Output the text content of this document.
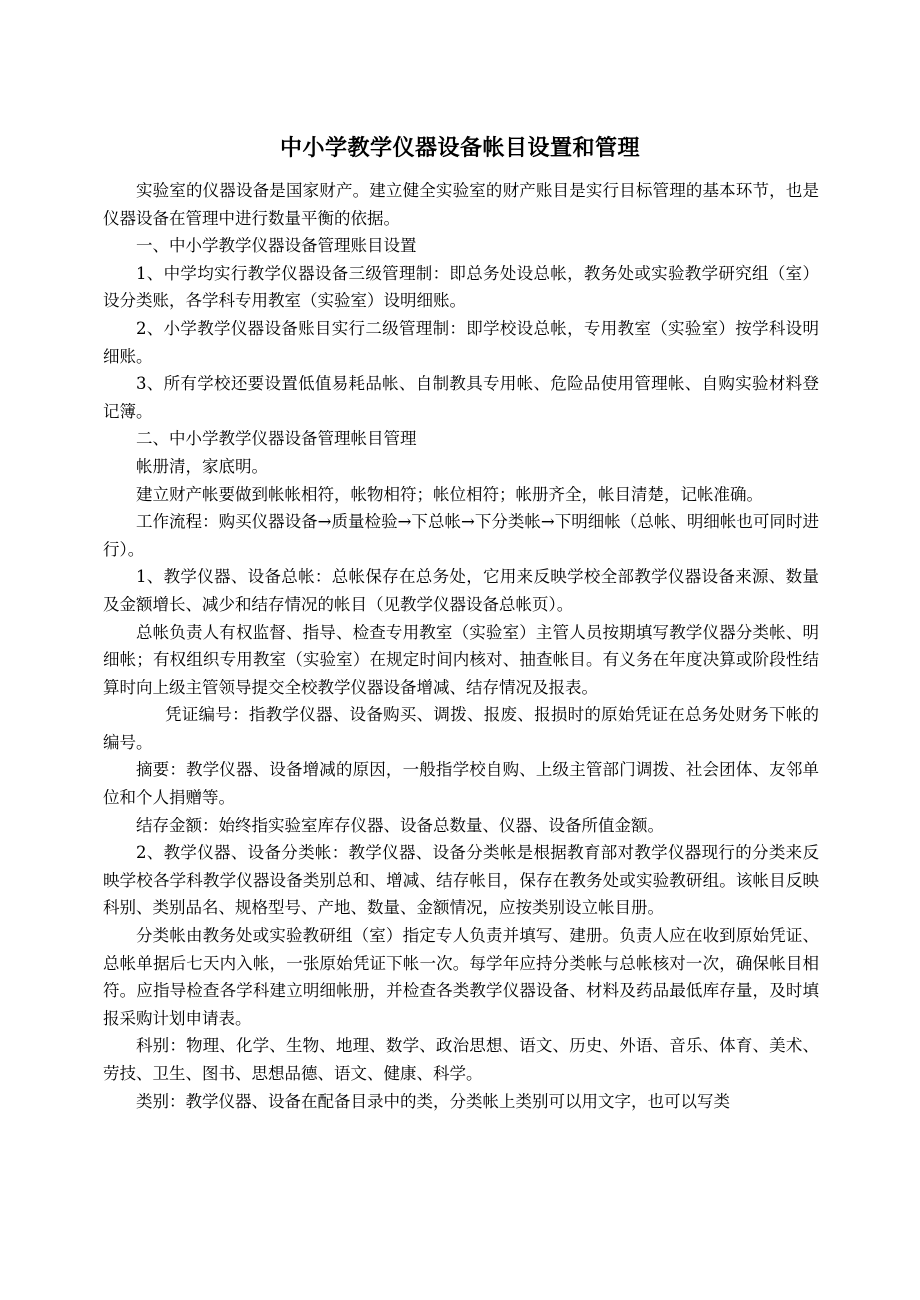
中小学教学仪器设备帐目设置和管理

实验室的仪器设备是国家财产。建立健全实验室的财产账目是实行目标管理的基本环节，也是仪器设备在管理中进行数量平衡的依据。

一、中小学教学仪器设备管理账目设置

1、中学均实行教学仪器设备三级管理制：即总务处设总帐，教务处或实验教学研究组（室）设分类账，各学科专用教室（实验室）设明细账。

2、小学教学仪器设备账目实行二级管理制：即学校设总帐，专用教室（实验室）按学科设明细账。

3、所有学校还要设置低值易耗品帐、自制教具专用帐、危险品使用管理帐、自购实验材料登记簿。

二、中小学教学仪器设备管理帐目管理

帐册清，家底明。

建立财产帐要做到帐帐相符，帐物相符；帐位相符；帐册齐全，帐目清楚，记帐准确。

工作流程：购买仪器设备→质量检验→下总帐→下分类帐→下明细帐（总帐、明细帐也可同时进行）。

1、教学仪器、设备总帐：总帐保存在总务处，它用来反映学校全部教学仪器设备来源、数量及金额增长、减少和结存情况的帐目（见教学仪器设备总帐页）。

总帐负责人有权监督、指导、检查专用教室（实验室）主管人员按期填写教学仪器分类帐、明细帐；有权组织专用教室（实验室）在规定时间内核对、抽查帐目。有义务在年度决算或阶段性结算时向上级主管领导提交全校教学仪器设备增减、结存情况及报表。

凭证编号：指教学仪器、设备购买、调拨、报废、报损时的原始凭证在总务处财务下帐的编号。

摘要：教学仪器、设备增减的原因，一般指学校自购、上级主管部门调拨、社会团体、友邻单位和个人捐赠等。

结存金额：始终指实验室库存仪器、设备总数量、仪器、设备所值金额。

2、教学仪器、设备分类帐：教学仪器、设备分类帐是根据教育部对教学仪器现行的分类来反映学校各学科教学仪器设备类别总和、增减、结存帐目，保存在教务处或实验教研组。该帐目反映科别、类别品名、规格型号、产地、数量、金额情况，应按类别设立帐目册。

分类帐由教务处或实验教研组（室）指定专人负责并填写、建册。负责人应在收到原始凭证、总帐单据后七天内入帐，一张原始凭证下帐一次。每学年应持分类帐与总帐核对一次，确保帐目相符。应指导检查各学科建立明细帐册，并检查各类教学仪器设备、材料及药品最低库存量，及时填报采购计划申请表。

科别：物理、化学、生物、地理、数学、政治思想、语文、历史、外语、音乐、体育、美术、劳技、卫生、图书、思想品德、语文、健康、科学。

类别：教学仪器、设备在配备目录中的类，分类帐上类别可以用文字，也可以写类
